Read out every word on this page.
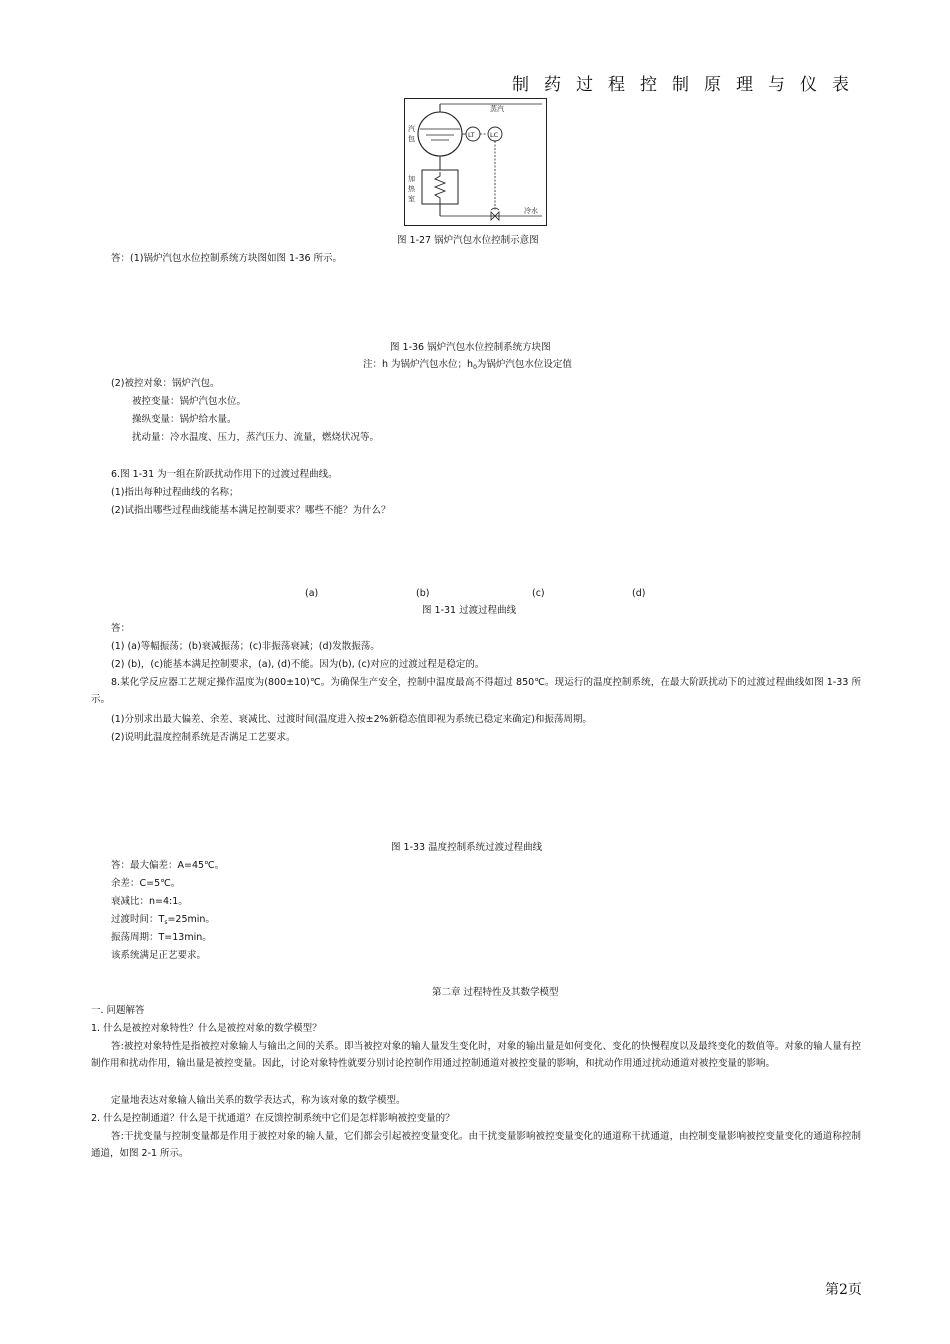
制药过程控制原理与仪表
蒸汽
汽
包	LT LC
加
热
室
冷水
图 1-27 锅炉汽包水位控制示意图
答：(1)锅炉汽包水位控制系统方块图如图 1-36 所示。
图 1-36 锅炉汽包水位控制系统方块图
注：h 为锅炉汽包水位；$h_0$为锅炉汽包水位设定值
(2)被控对象：锅炉汽包。
被控变量：锅炉汽包水位。
操纵变量：锅炉给水量。
扰动量：冷水温度、压力，蒸汽压力、流量，燃烧状况等。
6.图 1-31 为一组在阶跃扰动作用下的过渡过程曲线。
(1)指出每种过程曲线的名称；
(2)试指出哪些过程曲线能基本满足控制要求？哪些不能？为什么？
(a)	(b)	(c)	(d)
图 1-31 过渡过程曲线
答：
(1) (a)等幅振荡；(b)衰减振荡；(c)非振荡衰减；(d)发散振荡。
(2) (b)，(c)能基本满足控制要求，(a), (d)不能。因为(b), (c)对应的过渡过程是稳定的。
8.某化学反应器工艺规定操作温度为(800±10)℃。为确保生产安全，控制中温度最高不得超过 850℃。现运行的温度控制系统，在最大阶跃扰动下的过渡过程曲线如图 1-33 所示。
(1)分别求出最大偏差、余差、衰减比、过渡时间(温度进入按±2%新稳态值即视为系统已稳定来确定)和振荡周期。
(2)说明此温度控制系统是否满足工艺要求。
图 1-33 温度控制系统过渡过程曲线
答：最大偏差：A=45℃。
余差：C=5℃。
衰减比：n=4:1。
过渡时间：$T_s=25\min$。
振荡周期：T=13min。
该系统满足正艺要求。
第二章 过程特性及其数学模型
一. 问题解答
1. 什么是被控对象特性？什么是被控对象的数学模型？
答:被控对象特性是指被控对象输人与输出之间的关系。即当被控对象的输人量发生变化时，对象的输出量是如何变化、变化的快慢程度以及最终变化的数值等。对象的输人量有控制作用和扰动作用，输出量是被控变量。因此，讨论对象特性就要分别讨论控制作用通过控制通道对被控变量的影响，和扰动作用通过扰动通道对被控变量的影响。
定量地表达对象输人输出关系的数学表达式，称为该对象的数学模型。
2. 什么是控制通道？什么是干扰通道？在反馈控制系统中它们是怎样影响被控变量的？
答:干扰变量与控制变量都是作用于被控对象的输人量，它们都会引起被控变量变化。由干扰变量影响被控变量变化的通道称干扰通道，由控制变量影响被控变量变化的通道称控制通道，如图 2-1 所示。
第2页
